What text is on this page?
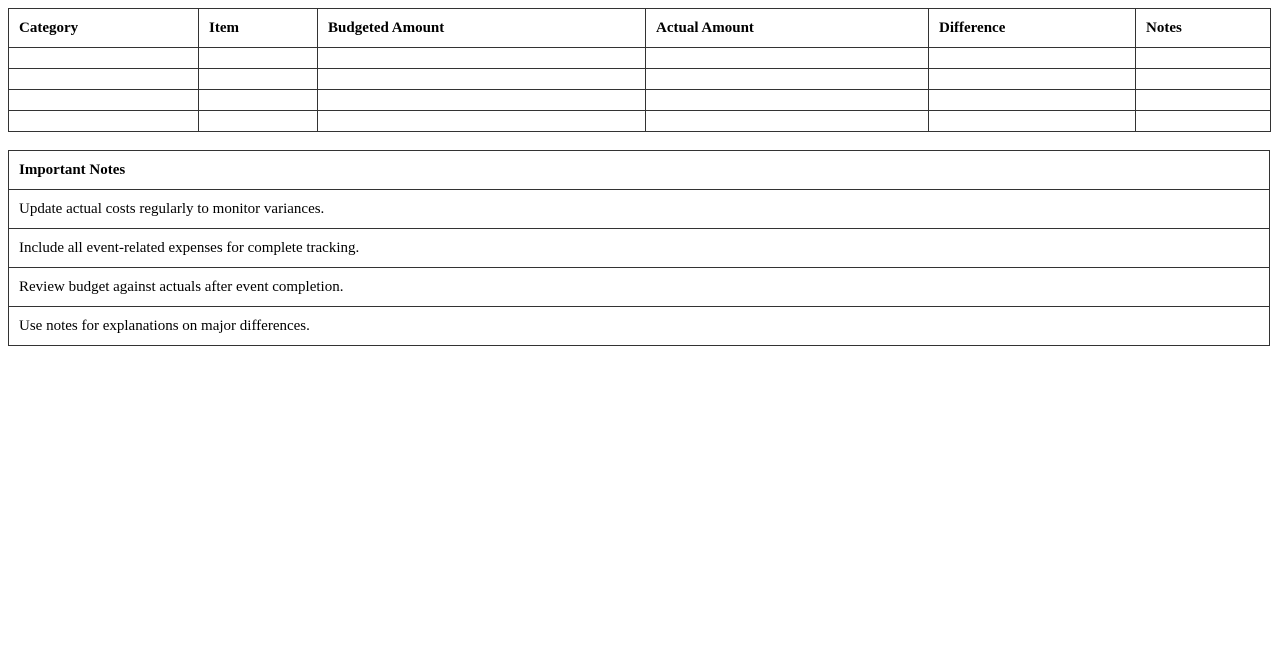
Category	Item	Budgeted Amount	Actual Amount	Difference	Notes

Important Notes
Update actual costs regularly to monitor variances.
Include all event-related expenses for complete tracking.
Review budget against actuals after event completion.
Use notes for explanations on major differences.
